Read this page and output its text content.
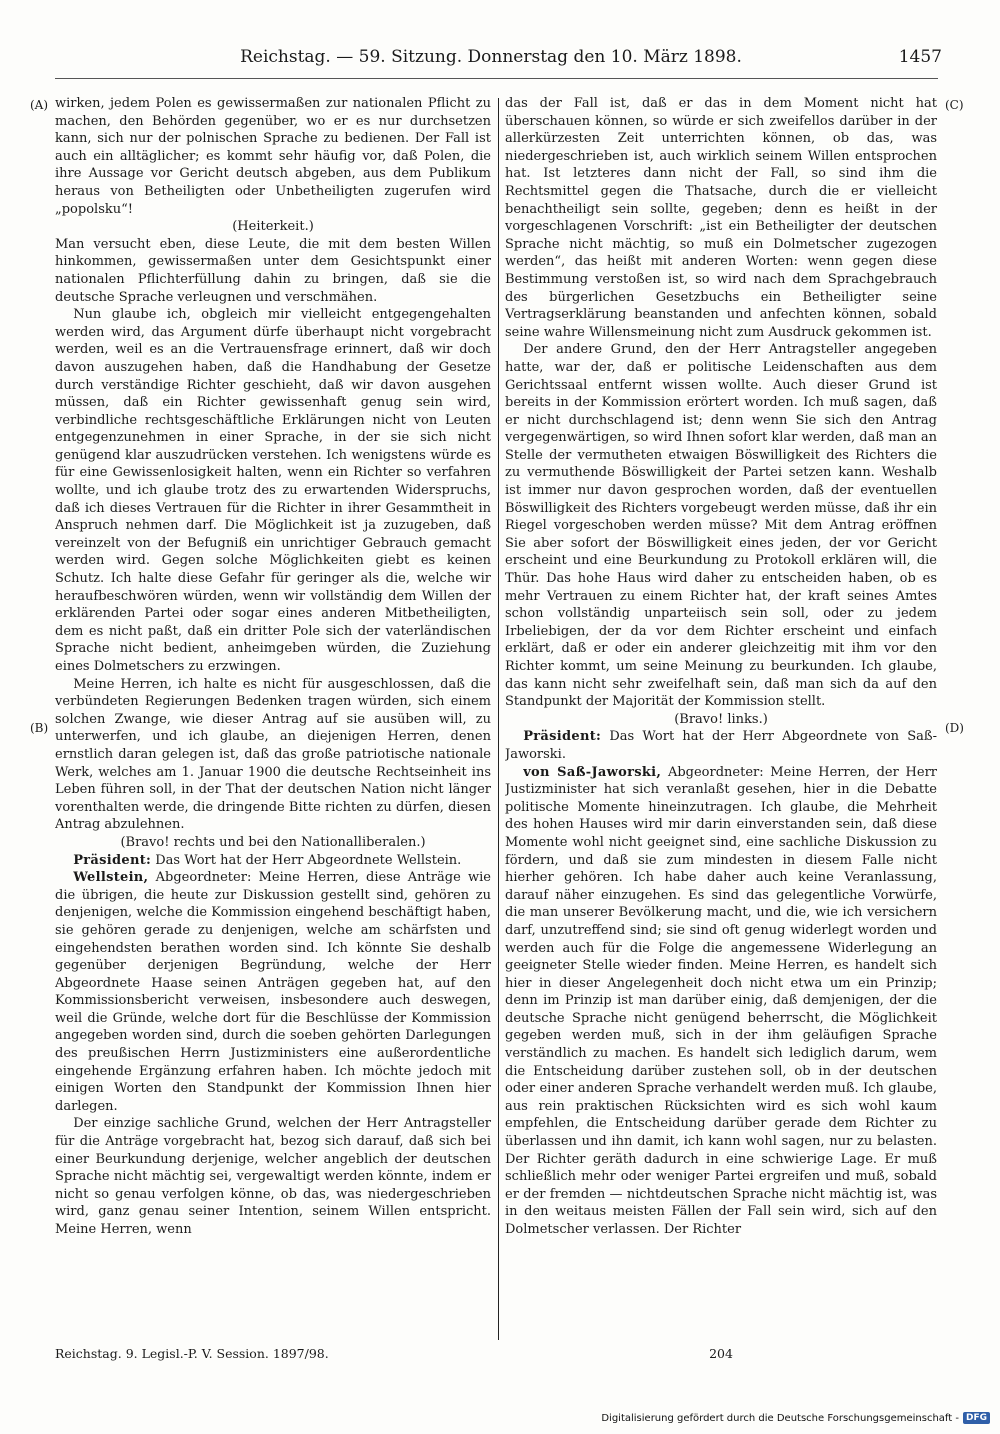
Reichstag. — 59. Sitzung. Donnerstag den 10. März 1898.	1457
(A)
(B)
(C)
(D)

wirken, jedem Polen es gewissermaßen zur nationalen Pflicht zu machen, den Behörden gegenüber, wo er es nur durchsetzen kann, sich nur der polnischen Sprache zu bedienen. Der Fall ist auch ein alltäglicher; es kommt sehr häufig vor, daß Polen, die ihre Aussage vor Gericht deutsch abgeben, aus dem Publikum heraus von Betheiligten oder Unbetheiligten zugerufen wird „popolsku“!

(Heiterkeit.)

Man versucht eben, diese Leute, die mit dem besten Willen hinkommen, gewissermaßen unter dem Gesichtspunkt einer nationalen Pflichterfüllung dahin zu bringen, daß sie die deutsche Sprache verleugnen und verschmähen.

Nun glaube ich, obgleich mir vielleicht entgegengehalten werden wird, das Argument dürfe überhaupt nicht vorgebracht werden, weil es an die Vertrauensfrage erinnert, daß wir doch davon auszugehen haben, daß die Handhabung der Gesetze durch verständige Richter geschieht, daß wir davon ausgehen müssen, daß ein Richter gewissenhaft genug sein wird, verbindliche rechtsgeschäftliche Erklärungen nicht von Leuten entgegenzunehmen in einer Sprache, in der sie sich nicht genügend klar auszudrücken verstehen. Ich wenigstens würde es für eine Gewissenlosigkeit halten, wenn ein Richter so verfahren wollte, und ich glaube trotz des zu erwartenden Widerspruchs, daß ich dieses Vertrauen für die Richter in ihrer Gesammtheit in Anspruch nehmen darf. Die Möglichkeit ist ja zuzugeben, daß vereinzelt von der Befugniß ein unrichtiger Gebrauch gemacht werden wird. Gegen solche Möglichkeiten giebt es keinen Schutz. Ich halte diese Gefahr für geringer als die, welche wir heraufbeschwören würden, wenn wir vollständig dem Willen der erklärenden Partei oder sogar eines anderen Mitbetheiligten, dem es nicht paßt, daß ein dritter Pole sich der vaterländischen Sprache nicht bedient, anheimgeben würden, die Zuziehung eines Dolmetschers zu erzwingen.

Meine Herren, ich halte es nicht für ausgeschlossen, daß die verbündeten Regierungen Bedenken tragen würden, sich einem solchen Zwange, wie dieser Antrag auf sie ausüben will, zu unterwerfen, und ich glaube, an diejenigen Herren, denen ernstlich daran gelegen ist, daß das große patriotische nationale Werk, welches am 1. Januar 1900 die deutsche Rechtseinheit ins Leben führen soll, in der That der deutschen Nation nicht länger vorenthalten werde, die dringende Bitte richten zu dürfen, diesen Antrag abzulehnen.

(Bravo! rechts und bei den Nationalliberalen.)

Präsident: Das Wort hat der Herr Abgeordnete Wellstein.

Wellstein, Abgeordneter: Meine Herren, diese Anträge wie die übrigen, die heute zur Diskussion gestellt sind, gehören zu denjenigen, welche die Kommission eingehend beschäftigt haben, sie gehören gerade zu denjenigen, welche am schärfsten und eingehendsten berathen worden sind. Ich könnte Sie deshalb gegenüber derjenigen Begründung, welche der Herr Abgeordnete Haase seinen Anträgen gegeben hat, auf den Kommissionsbericht verweisen, insbesondere auch deswegen, weil die Gründe, welche dort für die Beschlüsse der Kommission angegeben worden sind, durch die soeben gehörten Darlegungen des preußischen Herrn Justizministers eine außerordentliche eingehende Ergänzung erfahren haben. Ich möchte jedoch mit einigen Worten den Standpunkt der Kommission Ihnen hier darlegen.

Der einzige sachliche Grund, welchen der Herr Antragsteller für die Anträge vorgebracht hat, bezog sich darauf, daß sich bei einer Beurkundung derjenige, welcher angeblich der deutschen Sprache nicht mächtig sei, vergewaltigt werden könnte, indem er nicht so genau verfolgen könne, ob das, was niedergeschrieben wird, ganz genau seiner Intention, seinem Willen entspricht. Meine Herren, wenn

das der Fall ist, daß er das in dem Moment nicht hat überschauen können, so würde er sich zweifellos darüber in der allerkürzesten Zeit unterrichten können, ob das, was niedergeschrieben ist, auch wirklich seinem Willen entsprochen hat. Ist letzteres dann nicht der Fall, so sind ihm die Rechtsmittel gegen die Thatsache, durch die er vielleicht benachtheiligt sein sollte, gegeben; denn es heißt in der vorgeschlagenen Vorschrift: „ist ein Betheiligter der deutschen Sprache nicht mächtig, so muß ein Dolmetscher zugezogen werden“, das heißt mit anderen Worten: wenn gegen diese Bestimmung verstoßen ist, so wird nach dem Sprachgebrauch des bürgerlichen Gesetzbuchs ein Betheiligter seine Vertragserklärung beanstanden und anfechten können, sobald seine wahre Willensmeinung nicht zum Ausdruck gekommen ist.

Der andere Grund, den der Herr Antragsteller angegeben hatte, war der, daß er politische Leidenschaften aus dem Gerichtssaal entfernt wissen wollte. Auch dieser Grund ist bereits in der Kommission erörtert worden. Ich muß sagen, daß er nicht durchschlagend ist; denn wenn Sie sich den Antrag vergegenwärtigen, so wird Ihnen sofort klar werden, daß man an Stelle der vermutheten etwaigen Böswilligkeit des Richters die zu vermuthende Böswilligkeit der Partei setzen kann. Weshalb ist immer nur davon gesprochen worden, daß der eventuellen Böswilligkeit des Richters vorgebeugt werden müsse, daß ihr ein Riegel vorgeschoben werden müsse? Mit dem Antrag eröffnen Sie aber sofort der Böswilligkeit eines jeden, der vor Gericht erscheint und eine Beurkundung zu Protokoll erklären will, die Thür. Das hohe Haus wird daher zu entscheiden haben, ob es mehr Vertrauen zu einem Richter hat, der kraft seines Amtes schon vollständig unparteiisch sein soll, oder zu jedem Irbeliebigen, der da vor dem Richter erscheint und einfach erklärt, daß er oder ein anderer gleichzeitig mit ihm vor den Richter kommt, um seine Meinung zu beurkunden. Ich glaube, das kann nicht sehr zweifelhaft sein, daß man sich da auf den Standpunkt der Majorität der Kommission stellt.

(Bravo! links.)

Präsident: Das Wort hat der Herr Abgeordnete von Saß-Jaworski.

von Saß-Jaworski, Abgeordneter: Meine Herren, der Herr Justizminister hat sich veranlaßt gesehen, hier in die Debatte politische Momente hineinzutragen. Ich glaube, die Mehrheit des hohen Hauses wird mir darin einverstanden sein, daß diese Momente wohl nicht geeignet sind, eine sachliche Diskussion zu fördern, und daß sie zum mindesten in diesem Falle nicht hierher gehören. Ich habe daher auch keine Veranlassung, darauf näher einzugehen. Es sind das gelegentliche Vorwürfe, die man unserer Bevölkerung macht, und die, wie ich versichern darf, unzutreffend sind; sie sind oft genug widerlegt worden und werden auch für die Folge die angemessene Widerlegung an geeigneter Stelle wieder finden. Meine Herren, es handelt sich hier in dieser Angelegenheit doch nicht etwa um ein Prinzip; denn im Prinzip ist man darüber einig, daß demjenigen, der die deutsche Sprache nicht genügend beherrscht, die Möglichkeit gegeben werden muß, sich in der ihm geläufigen Sprache verständlich zu machen. Es handelt sich lediglich darum, wem die Entscheidung darüber zustehen soll, ob in der deutschen oder einer anderen Sprache verhandelt werden muß. Ich glaube, aus rein praktischen Rücksichten wird es sich wohl kaum empfehlen, die Entscheidung darüber gerade dem Richter zu überlassen und ihn damit, ich kann wohl sagen, nur zu belasten. Der Richter geräth dadurch in eine schwierige Lage. Er muß schließlich mehr oder weniger Partei ergreifen und muß, sobald er der fremden — nichtdeutschen Sprache nicht mächtig ist, was in den weitaus meisten Fällen der Fall sein wird, sich auf den Dolmetscher verlassen. Der Richter

Reichstag. 9. Legisl.-P. V. Session. 1897/98.	204
Digitalisierung gefördert durch die Deutsche Forschungsgemeinschaft - DFG
